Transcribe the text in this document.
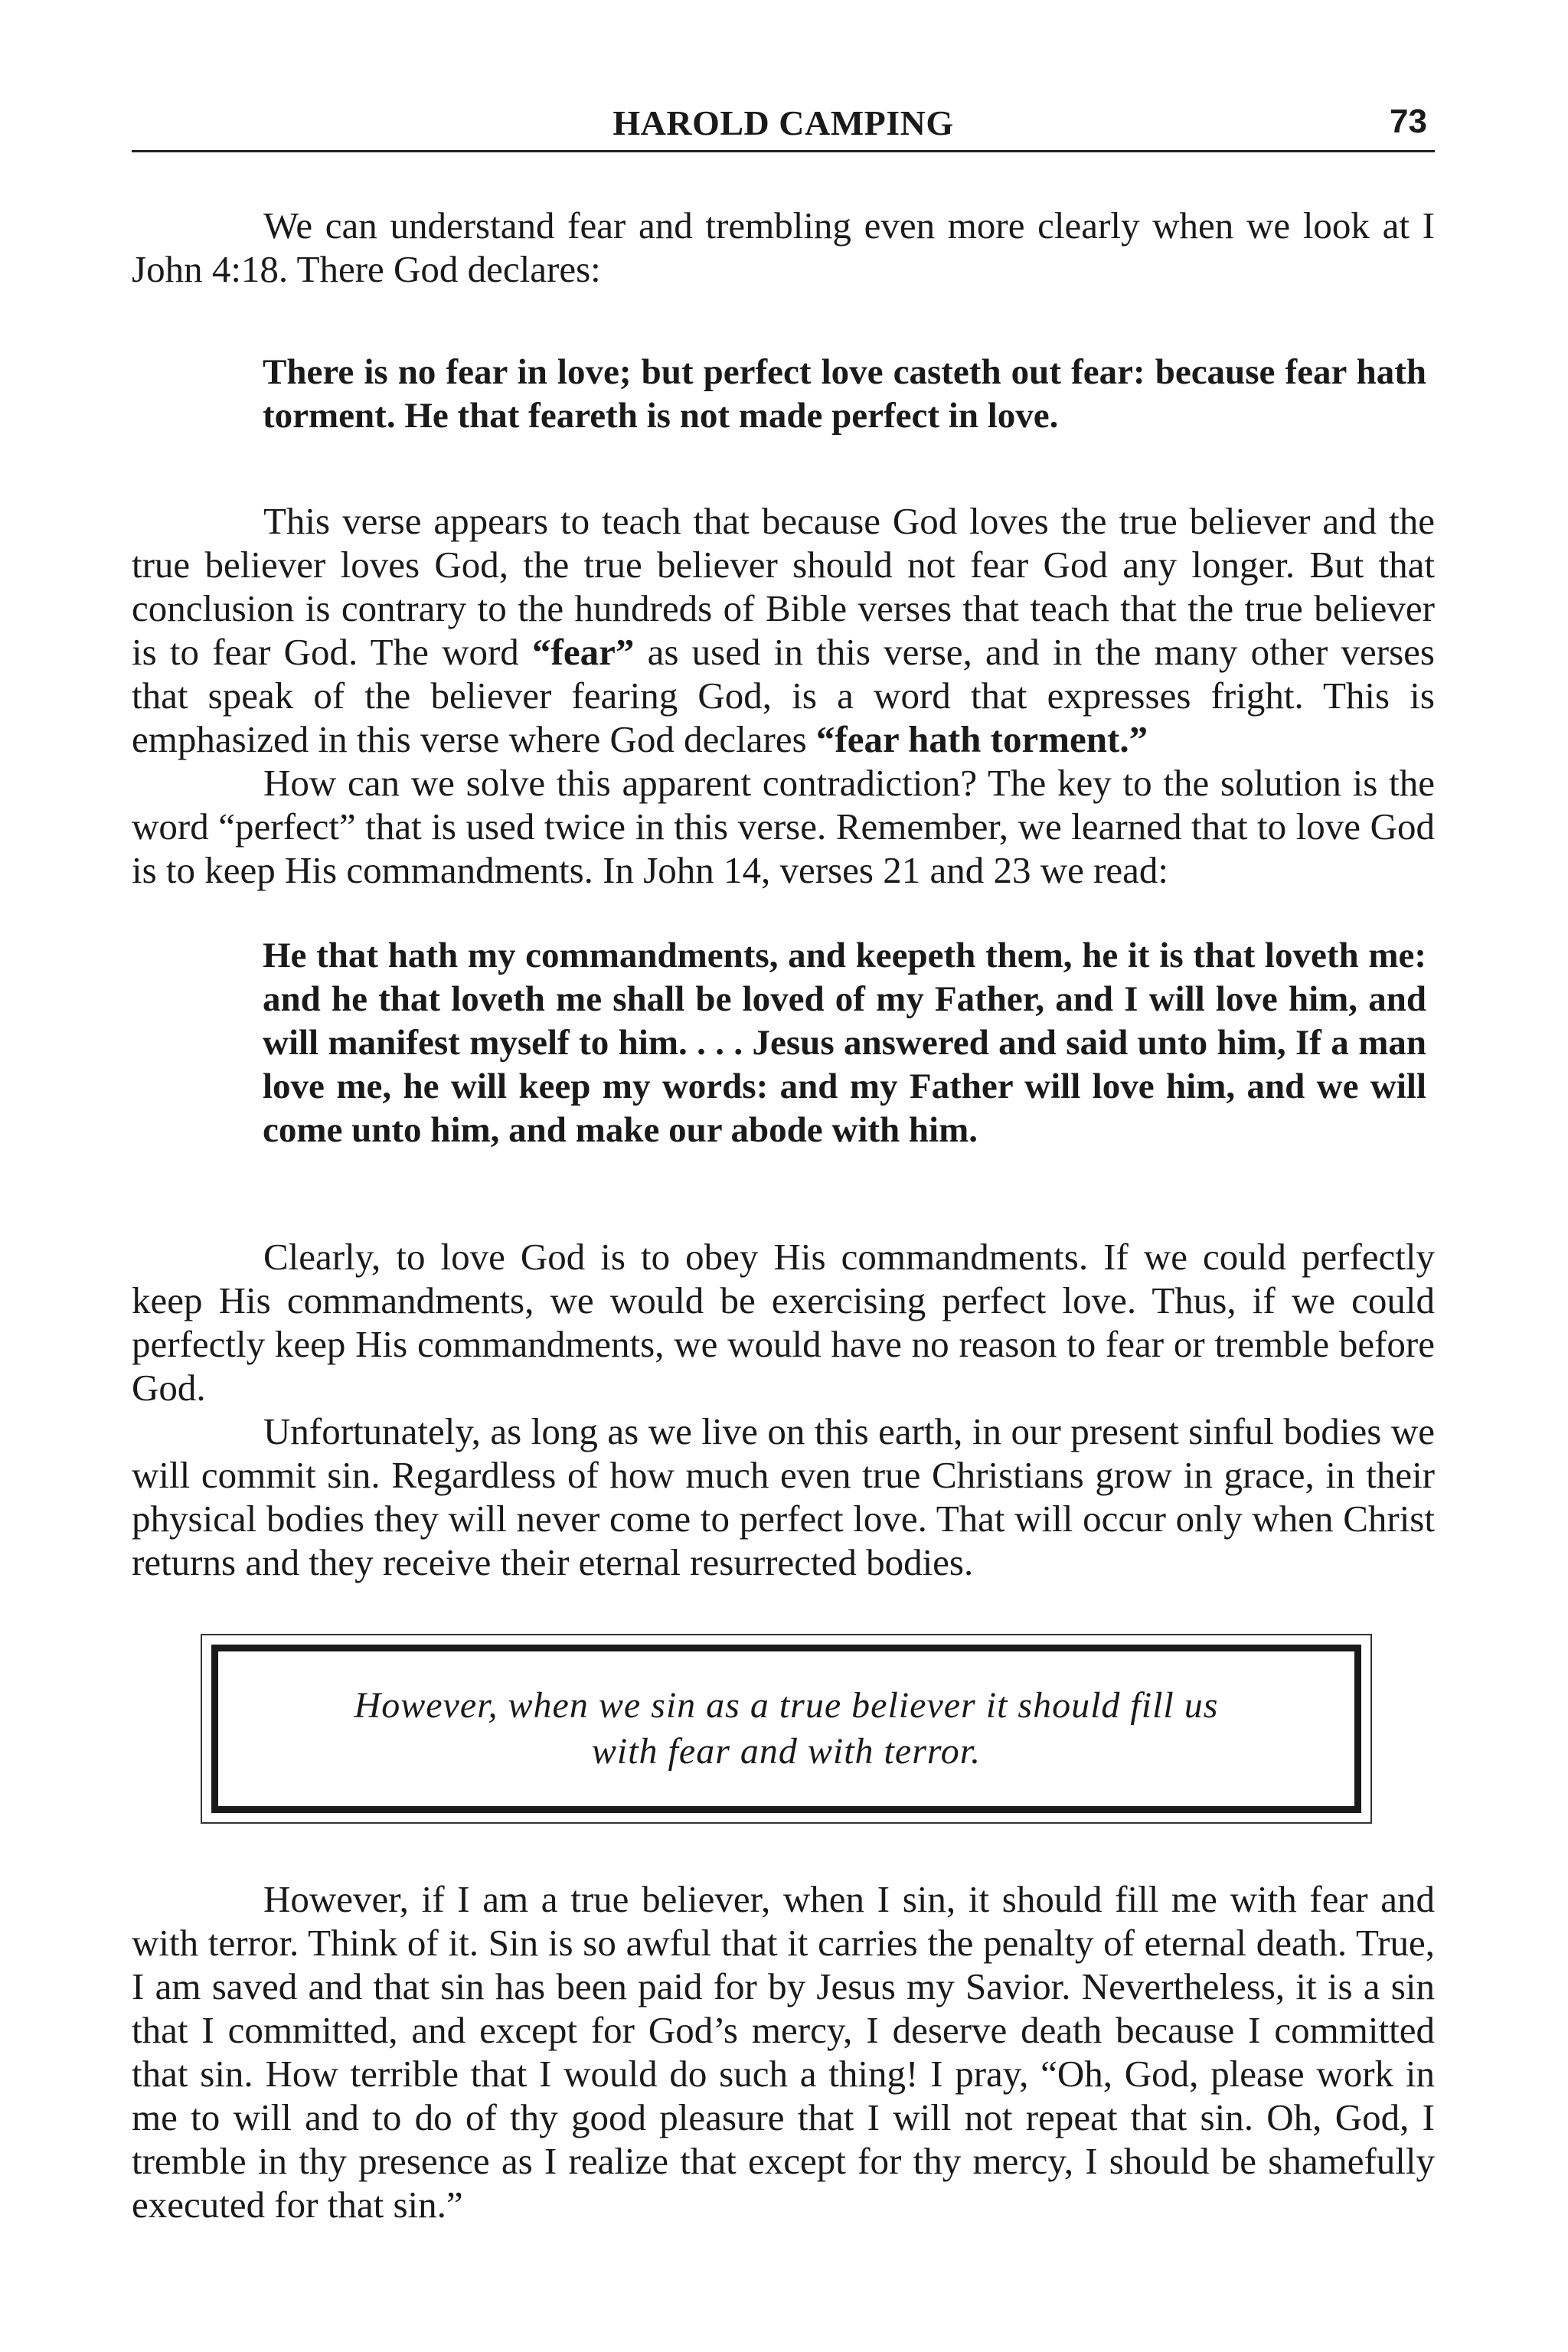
HAROLD CAMPING	73

We can understand fear and trembling even more clearly when we look at I John 4:18. There God declares:

There is no fear in love; but perfect love casteth out fear: because fear hath torment. He that feareth is not made perfect in love.

This verse appears to teach that because God loves the true believer and the true believer loves God, the true believer should not fear God any longer. But that conclusion is contrary to the hundreds of Bible verses that teach that the true believer is to fear God. The word “fear” as used in this verse, and in the many other verses that speak of the believer fearing God, is a word that expresses fright. This is emphasized in this verse where God declares “fear hath torment.”

How can we solve this apparent contradiction? The key to the solution is the word “perfect” that is used twice in this verse. Remember, we learned that to love God is to keep His commandments. In John 14, verses 21 and 23 we read:

He that hath my commandments, and keepeth them, he it is that loveth me: and he that loveth me shall be loved of my Father, and I will love him, and will manifest myself to him. . . . Jesus answered and said unto him, If a man love me, he will keep my words: and my Father will love him, and we will come unto him, and make our abode with him.

Clearly, to love God is to obey His commandments. If we could perfectly keep His commandments, we would be exercising perfect love. Thus, if we could perfectly keep His commandments, we would have no reason to fear or tremble before God.

Unfortunately, as long as we live on this earth, in our present sinful bodies we will commit sin. Regardless of how much even true Christians grow in grace, in their physical bodies they will never come to perfect love. That will occur only when Christ returns and they receive their eternal resurrected bodies.

However, when we sin as a true believer it should fill us with fear and with terror.

However, if I am a true believer, when I sin, it should fill me with fear and with terror. Think of it. Sin is so awful that it carries the penalty of eternal death. True, I am saved and that sin has been paid for by Jesus my Savior. Nevertheless, it is a sin that I committed, and except for God’s mercy, I deserve death because I committed that sin. How terrible that I would do such a thing! I pray, “Oh, God, please work in me to will and to do of thy good pleasure that I will not repeat that sin. Oh, God, I tremble in thy presence as I realize that except for thy mercy, I should be shamefully executed for that sin.”
